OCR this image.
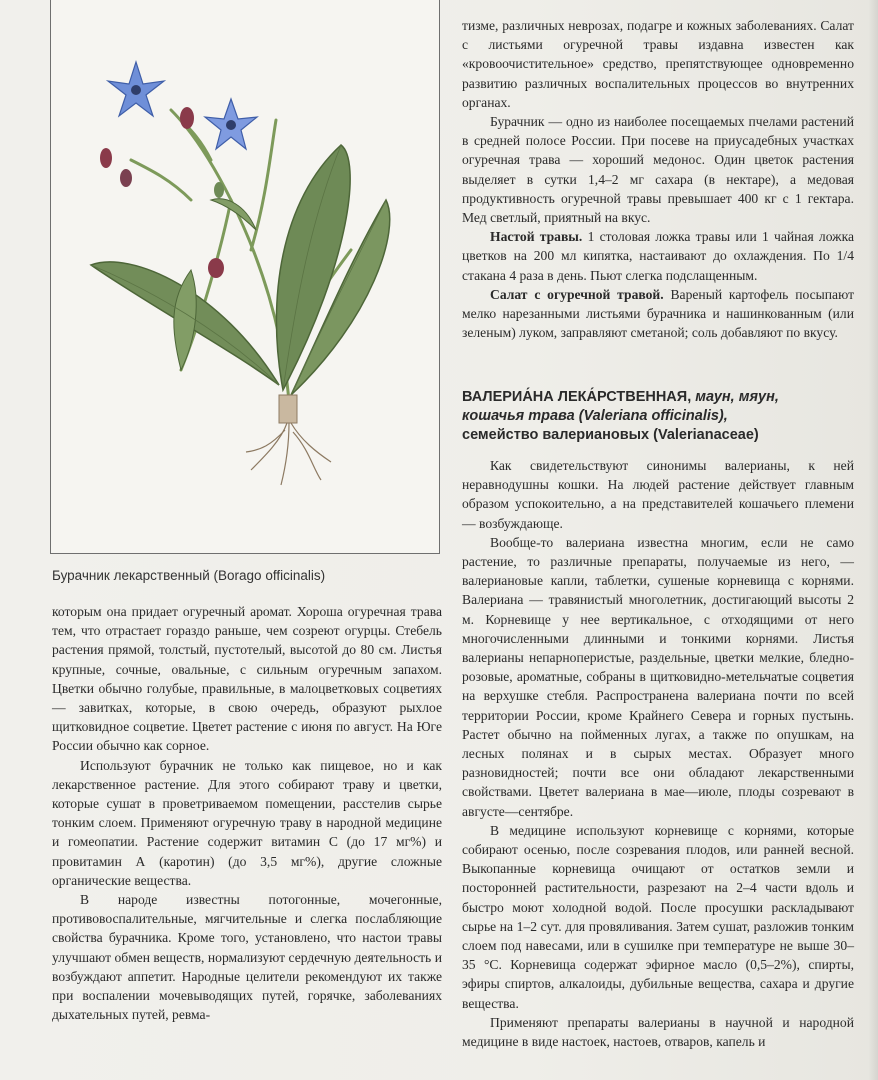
Бурачник лекарственный (Borago officinalis)

которым она придает огуречный аромат. Хороша огуречная трава тем, что отрастает гораздо раньше, чем созреют огурцы. Стебель растения прямой, толстый, пустотелый, высотой до 80 см. Листья крупные, сочные, овальные, с сильным огуречным запахом. Цветки обычно голубые, правильные, в малоцветковых соцветиях — завитках, которые, в свою очередь, образуют рыхлое щитковидное соцветие. Цветет растение с июня по август. На Юге России обычно как сорное.

Используют бурачник не только как пищевое, но и как лекарственное растение. Для этого собирают траву и цветки, которые сушат в проветриваемом помещении, расстелив сырье тонким слоем. Применяют огуречную траву в народной медицине и гомеопатии. Растение содержит витамин С (до 17 мг%) и провитамин А (каротин) (до 3,5 мг%), другие сложные органические вещества.

В народе известны потогонные, мочегонные, противовоспалительные, мягчительные и слегка послабляющие свойства бурачника. Кроме того, установлено, что настои травы улучшают обмен веществ, нормализуют сердечную деятельность и возбуждают аппетит. Народные целители рекомендуют их также при воспалении мочевыводящих путей, горячке, заболеваниях дыхательных путей, ревма-

тизме, различных неврозах, подагре и кожных заболеваниях. Салат с листьями огуречной травы издавна известен как «кровоочистительное» средство, препятствующее одновременно развитию различных воспалительных процессов во внутренних органах.

Бурачник — одно из наиболее посещаемых пчелами растений в средней полосе России. При посеве на приусадебных участках огуречная трава — хороший медонос. Один цветок растения выделяет в сутки 1,4–2 мг сахара (в нектаре), а медовая продуктивность огуречной травы превышает 400 кг с 1 гектара. Мед светлый, приятный на вкус.

Настой травы. 1 столовая ложка травы или 1 чайная ложка цветков на 200 мл кипятка, настаивают до охлаждения. По 1/4 стакана 4 раза в день. Пьют слегка подслащенным.

Салат с огуречной травой. Вареный картофель посыпают мелко нарезанными листьями бурачника и нашинкованным (или зеленым) луком, заправляют сметаной; соль добавляют по вкусу.

ВАЛЕРИА́НА ЛЕКА́РСТВЕННАЯ, маун, мяун,
кошачья трава (Valeriana officinalis),
семейство валериановых (Valerianaceae)

Как свидетельствуют синонимы валерианы, к ней неравнодушны кошки. На людей растение действует главным образом успокоительно, а на представителей кошачьего племени — возбуждающе.

Вообще-то валериана известна многим, если не само растение, то различные препараты, получаемые из него, — валериановые капли, таблетки, сушеные корневища с корнями. Валериана — травянистый многолетник, достигающий высоты 2 м. Корневище у нее вертикальное, с отходящими от него многочисленными длинными и тонкими корнями. Листья валерианы непарноперистые, раздельные, цветки мелкие, бледно-розовые, ароматные, собраны в щитковидно-метельчатые соцветия на верхушке стебля. Распространена валериана почти по всей территории России, кроме Крайнего Севера и горных пустынь. Растет обычно на пойменных лугах, а также по опушкам, на лесных полянах и в сырых местах. Образует много разновидностей; почти все они обладают лекарственными свойствами. Цветет валериана в мае—июле, плоды созревают в августе—сентябре.

В медицине используют корневище с корнями, которые собирают осенью, после созревания плодов, или ранней весной. Выкопанные корневища очищают от остатков земли и посторонней растительности, разрезают на 2–4 части вдоль и быстро моют холодной водой. После просушки раскладывают сырье на 1–2 сут. для провяливания. Затем сушат, разложив тонким слоем под навесами, или в сушилке при температуре не выше 30–35 °С. Корневища содержат эфирное масло (0,5–2%), спирты, эфиры спиртов, алкалоиды, дубильные вещества, сахара и другие вещества.

Применяют препараты валерианы в научной и народной медицине в виде настоек, настоев, отваров, капель и
